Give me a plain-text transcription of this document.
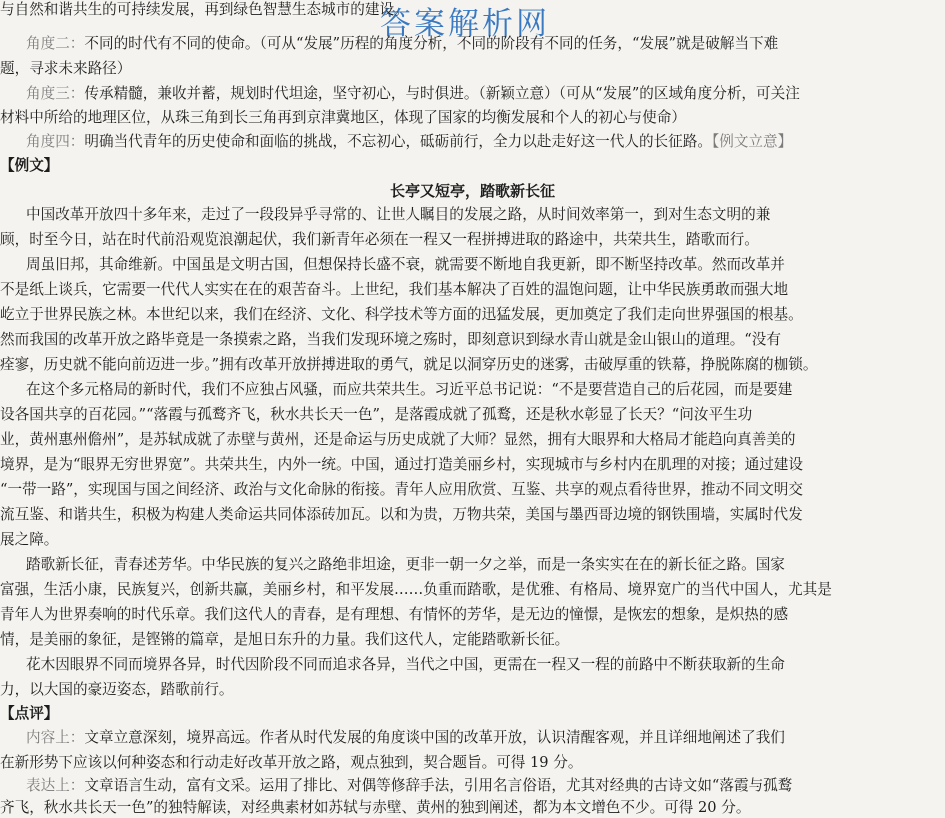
答案解析网
与自然和谐共生的可持续发展，再到绿色智慧生态城市的建设。
角度二：不同的时代有不同的使命。（可从“发展”历程的角度分析，不同的阶段有不同的任务，“发展”就是破解当下难
题，寻求未来路径）
角度三：传承精髓，兼收并蓄，规划时代坦途，坚守初心，与时俱进。（新颖立意）（可从“发展”的区域角度分析，可关注
材料中所给的地理区位，从珠三角到长三角再到京津冀地区，体现了国家的均衡发展和个人的初心与使命）
角度四：明确当代青年的历史使命和面临的挑战，不忘初心，砥砺前行，全力以赴走好这一代人的长征路。【例文立意】
【例文】
长亭又短亭，踏歌新长征
中国改革开放四十多年来，走过了一段段异乎寻常的、让世人瞩目的发展之路，从时间效率第一，到对生态文明的兼
顾，时至今日，站在时代前沿观览浪潮起伏，我们新青年必须在一程又一程拼搏进取的路途中，共荣共生，踏歌而行。
周虽旧邦，其命维新。中国虽是文明古国，但想保持长盛不衰，就需要不断地自我更新，即不断坚持改革。然而改革并
不是纸上谈兵，它需要一代代人实实在在的艰苦奋斗。上世纪，我们基本解决了百姓的温饱问题，让中华民族勇敢而强大地
屹立于世界民族之林。本世纪以来，我们在经济、文化、科学技术等方面的迅猛发展，更加奠定了我们走向世界强国的根基。
然而我国的改革开放之路毕竟是一条摸索之路，当我们发现环境之殇时，即刻意识到绿水青山就是金山银山的道理。“没有
痊寥，历史就不能向前迈进一步。”拥有改革开放拼搏进取的勇气，就足以洞穿历史的迷雾，击破厚重的铁幕，挣脱陈腐的枷锁。
在这个多元格局的新时代，我们不应独占风骚，而应共荣共生。习近平总书记说：“不是要营造自己的后花园，而是要建
设各国共享的百花园。”“落霞与孤鹜齐飞，秋水共长天一色”，是落霞成就了孤鹜，还是秋水彰显了长天？“问汝平生功
业，黄州惠州儋州”，是苏轼成就了赤壁与黄州，还是命运与历史成就了大师？显然，拥有大眼界和大格局才能趋向真善美的
境界，是为“眼界无穷世界宽”。共荣共生，内外一统。中国，通过打造美丽乡村，实现城市与乡村内在肌理的对接；通过建设
“一带一路”，实现国与国之间经济、政治与文化命脉的衔接。青年人应用欣赏、互鉴、共享的观点看待世界，推动不同文明交
流互鉴、和谐共生，积极为构建人类命运共同体添砖加瓦。以和为贵，万物共荣，美国与墨西哥边境的钢铁围墙，实属时代发
展之障。
踏歌新长征，青春述芳华。中华民族的复兴之路绝非坦途，更非一朝一夕之举，而是一条实实在在的新长征之路。国家
富强，生活小康，民族复兴，创新共赢，美丽乡村，和平发展……负重而踏歌，是优雅、有格局、境界宽广的当代中国人，尤其是
青年人为世界奏响的时代乐章。我们这代人的青春，是有理想、有情怀的芳华，是无边的憧憬，是恢宏的想象，是炽热的感
情，是美丽的象征，是铿锵的篇章，是旭日东升的力量。我们这代人，定能踏歌新长征。
花木因眼界不同而境界各异，时代因阶段不同而追求各异，当代之中国，更需在一程又一程的前路中不断获取新的生命
力，以大国的豪迈姿态，踏歌前行。
【点评】
内容上：文章立意深刻，境界高远。作者从时代发展的角度谈中国的改革开放，认识清醒客观，并且详细地阐述了我们
在新形势下应该以何种姿态和行动走好改革开放之路，观点独到，契合题旨。可得 19 分。
表达上：文章语言生动，富有文采。运用了排比、对偶等修辞手法，引用名言俗语，尤其对经典的古诗文如“落霞与孤鹜
齐飞，秋水共长天一色”的独特解读，对经典素材如苏轼与赤壁、黄州的独到阐述，都为本文增色不少。可得 20 分。
